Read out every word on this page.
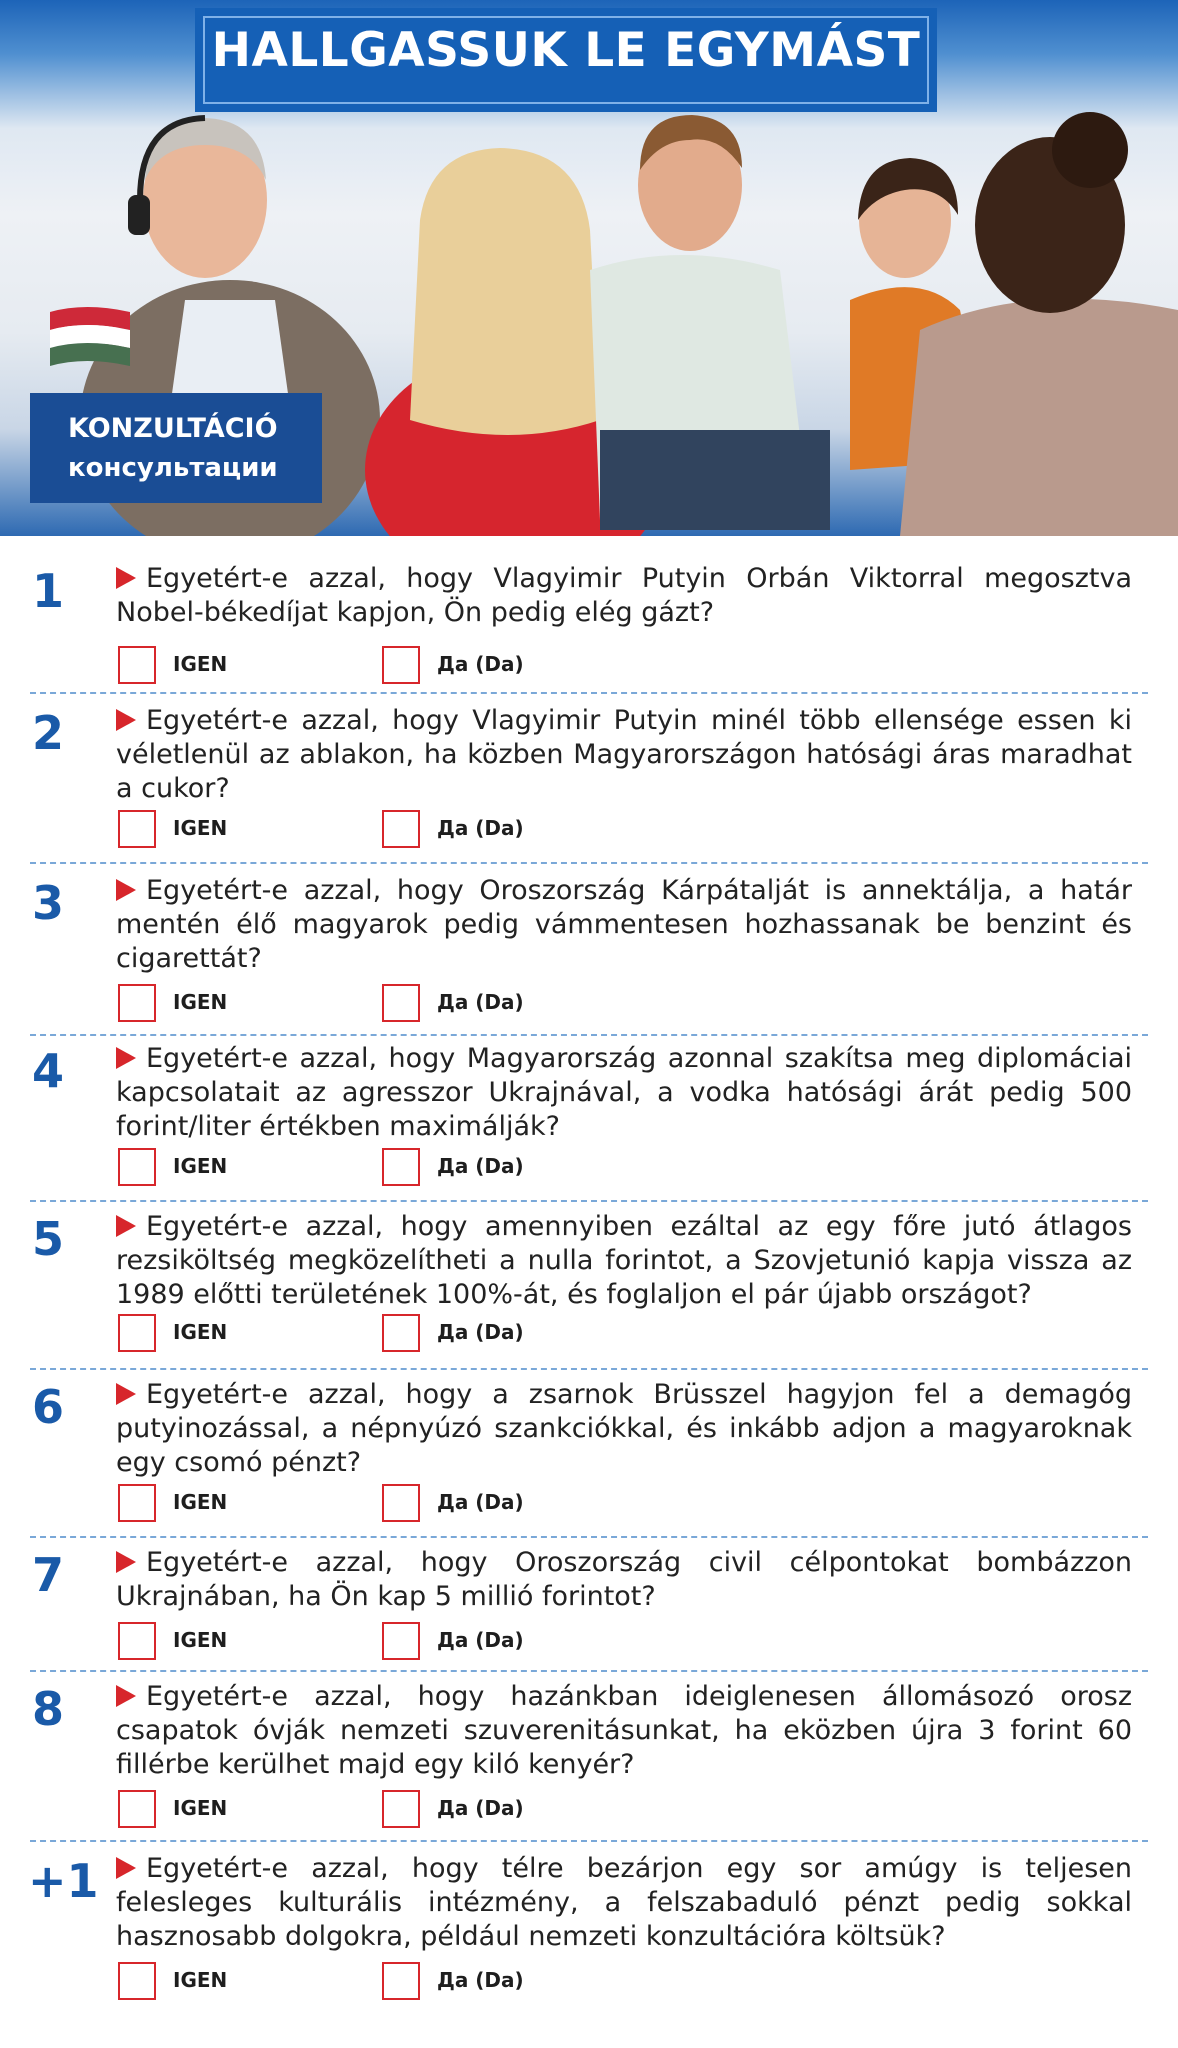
HALLGASSUK LE EGYMÁST
KONZULTÁCIÓ
консультации
1	Egyetért-e azzal, hogy Vlagyimir Putyin Orbán Viktorral megosztva Nobel-békedíjat kapjon, Ön pedig elég gázt?
IGEN	Да (Da)
2	Egyetért-e azzal, hogy Vlagyimir Putyin minél több ellensége essen ki véletlenül az ablakon, ha közben Magyarországon hatósági áras maradhat a cukor?
IGEN	Да (Da)
3	Egyetért-e azzal, hogy Oroszország Kárpátalját is annektálja, a határ mentén élő magyarok pedig vámmentesen hozhassanak be benzint és cigarettát?
IGEN	Да (Da)
4	Egyetért-e azzal, hogy Magyarország azonnal szakítsa meg diplomáciai kapcsolatait az agresszor Ukrajnával, a vodka hatósági árát pedig 500 forint/liter értékben maximálják?
IGEN	Да (Da)
5	Egyetért-e azzal, hogy amennyiben ezáltal az egy főre jutó átlagos rezsiköltség megközelítheti a nulla forintot, a Szovjetunió kapja vissza az 1989 előtti területének 100%-át, és foglaljon el pár újabb országot?
IGEN	Да (Da)
6	Egyetért-e azzal, hogy a zsarnok Brüsszel hagyjon fel a demagóg putyinozással, a népnyúzó szankciókkal, és inkább adjon a magyaroknak egy csomó pénzt?
IGEN	Да (Da)
7	Egyetért-e azzal, hogy Oroszország civil célpontokat bombázzon Ukrajnában, ha Ön kap 5 millió forintot?
IGEN	Да (Da)
8	Egyetért-e azzal, hogy hazánkban ideiglenesen állomásozó orosz csapatok óvják nemzeti szuverenitásunkat, ha eközben újra 3 forint 60 fillérbe kerülhet majd egy kiló kenyér?
IGEN	Да (Da)
+1	Egyetért-e azzal, hogy télre bezárjon egy sor amúgy is teljesen felesleges kulturális intézmény, a felszabaduló pénzt pedig sokkal hasznosabb dolgokra, például nemzeti konzultációra költsük?
IGEN	Да (Da)
